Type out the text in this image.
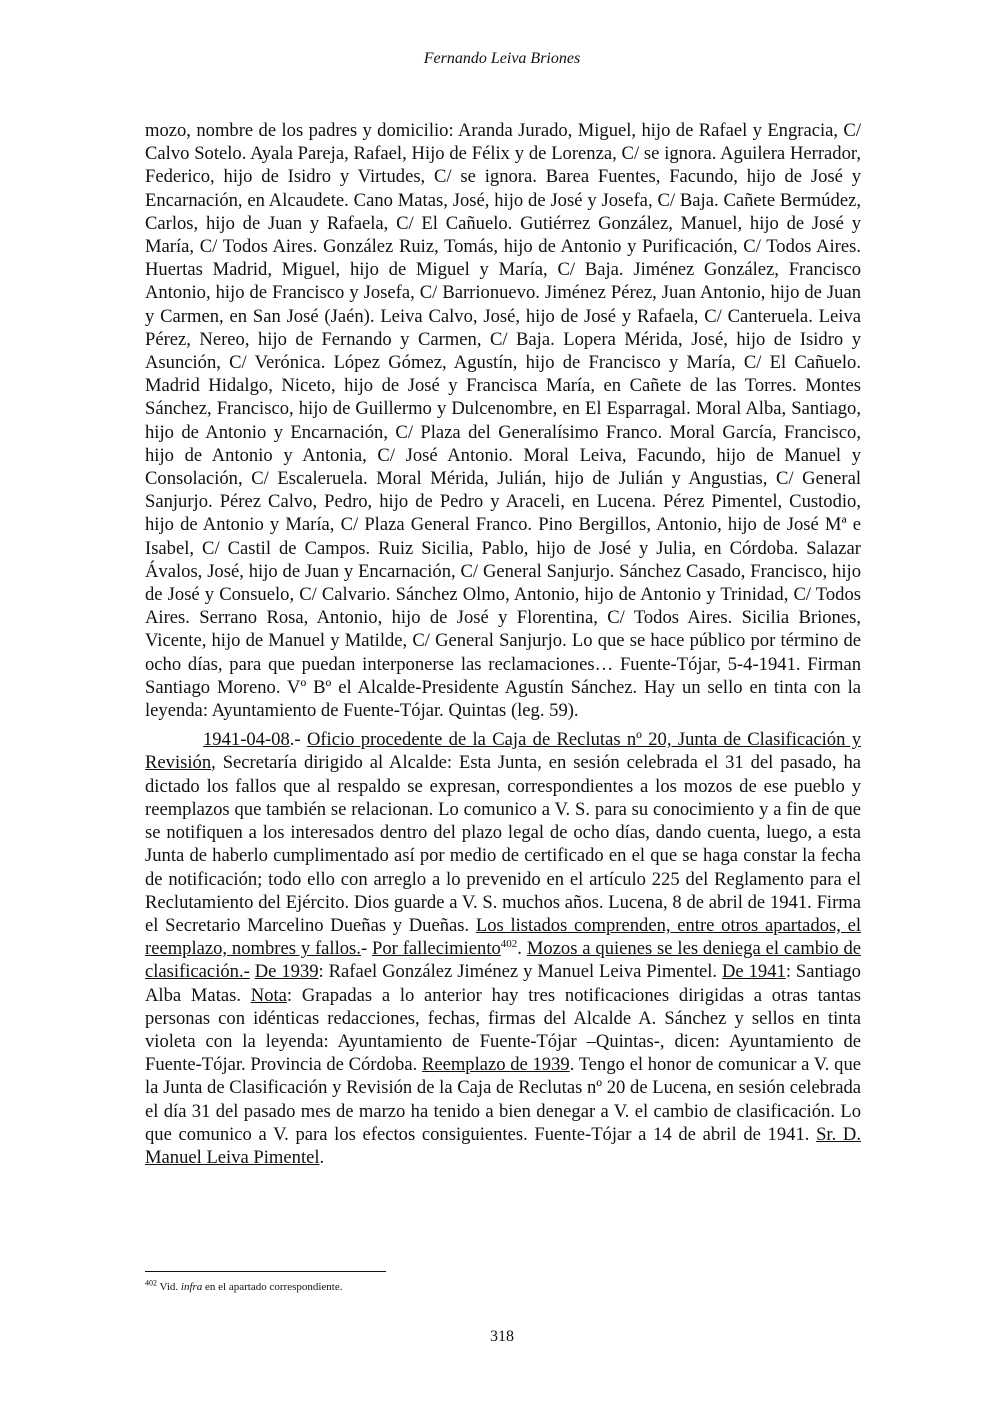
Fernando Leiva Briones

mozo, nombre de los padres y domicilio: Aranda Jurado, Miguel, hijo de Rafael y Engracia, C/ Calvo Sotelo. Ayala Pareja, Rafael, Hijo de Félix y de Lorenza, C/ se ignora. Aguilera Herrador, Federico, hijo de Isidro y Virtudes, C/ se ignora. Barea Fuentes, Facundo, hijo de José y Encarnación, en Alcaudete. Cano Matas, José, hijo de José y Josefa, C/ Baja. Cañete Bermúdez, Carlos, hijo de Juan y Rafaela, C/ El Cañuelo. Gutiérrez González, Manuel, hijo de José y María, C/ Todos Aires. González Ruiz, Tomás, hijo de Antonio y Purificación, C/ Todos Aires. Huertas Madrid, Miguel, hijo de Miguel y María, C/ Baja. Jiménez González, Francisco Antonio, hijo de Francisco y Josefa, C/ Barrionuevo. Jiménez Pérez, Juan Antonio, hijo de Juan y Carmen, en San José (Jaén). Leiva Calvo, José, hijo de José y Rafaela, C/ Canteruela. Leiva Pérez, Nereo, hijo de Fernando y Carmen, C/ Baja. Lopera Mérida, José, hijo de Isidro y Asunción, C/ Verónica. López Gómez, Agustín, hijo de Francisco y María, C/ El Cañuelo. Madrid Hidalgo, Niceto, hijo de José y Francisca María, en Cañete de las Torres. Montes Sánchez, Francisco, hijo de Guillermo y Dulcenombre, en El Esparragal. Moral Alba, Santiago, hijo de Antonio y Encarnación, C/ Plaza del Generalísimo Franco. Moral García, Francisco, hijo de Antonio y Antonia, C/ José Antonio. Moral Leiva, Facundo, hijo de Manuel y Consolación, C/ Escaleruela. Moral Mérida, Julián, hijo de Julián y Angustias, C/ General Sanjurjo. Pérez Calvo, Pedro, hijo de Pedro y Araceli, en Lucena. Pérez Pimentel, Custodio, hijo de Antonio y María, C/ Plaza General Franco. Pino Bergillos, Antonio, hijo de José Mª e Isabel, C/ Castil de Campos. Ruiz Sicilia, Pablo, hijo de José y Julia, en Córdoba. Salazar Ávalos, José, hijo de Juan y Encarnación, C/ General Sanjurjo. Sánchez Casado, Francisco, hijo de José y Consuelo, C/ Calvario. Sánchez Olmo, Antonio, hijo de Antonio y Trinidad, C/ Todos Aires. Serrano Rosa, Antonio, hijo de José y Florentina, C/ Todos Aires. Sicilia Briones, Vicente, hijo de Manuel y Matilde, C/ General Sanjurjo. Lo que se hace público por término de ocho días, para que puedan interponerse las reclamaciones… Fuente-Tójar, 5-4-1941. Firman Santiago Moreno. Vº Bº el Alcalde-Presidente Agustín Sánchez. Hay un sello en tinta con la leyenda: Ayuntamiento de Fuente-Tójar. Quintas (leg. 59).

1941-04-08.- Oficio procedente de la Caja de Reclutas nº 20, Junta de Clasificación y Revisión, Secretaría dirigido al Alcalde: Esta Junta, en sesión celebrada el 31 del pasado, ha dictado los fallos que al respaldo se expresan, correspondientes a los mozos de ese pueblo y reemplazos que también se relacionan. Lo comunico a V. S. para su conocimiento y a fin de que se notifiquen a los interesados dentro del plazo legal de ocho días, dando cuenta, luego, a esta Junta de haberlo cumplimentado así por medio de certificado en el que se haga constar la fecha de notificación; todo ello con arreglo a lo prevenido en el artículo 225 del Reglamento para el Reclutamiento del Ejército. Dios guarde a V. S. muchos años. Lucena, 8 de abril de 1941. Firma el Secretario Marcelino Dueñas y Dueñas. Los listados comprenden, entre otros apartados, el reemplazo, nombres y fallos.- Por fallecimiento$^{402}$. Mozos a quienes se les deniega el cambio de clasificación.- De 1939: Rafael González Jiménez y Manuel Leiva Pimentel. De 1941: Santiago Alba Matas. Nota: Grapadas a lo anterior hay tres notificaciones dirigidas a otras tantas personas con idénticas redacciones, fechas, firmas del Alcalde A. Sánchez y sellos en tinta violeta con la leyenda: Ayuntamiento de Fuente-Tójar –Quintas-, dicen: Ayuntamiento de Fuente-Tójar. Provincia de Córdoba. Reemplazo de 1939. Tengo el honor de comunicar a V. que la Junta de Clasificación y Revisión de la Caja de Reclutas nº 20 de Lucena, en sesión celebrada el día 31 del pasado mes de marzo ha tenido a bien denegar a V. el cambio de clasificación. Lo que comunico a V. para los efectos consiguientes. Fuente-Tójar a 14 de abril de 1941. Sr. D. Manuel Leiva Pimentel.

$^{402}$ Vid. infra en el apartado correspondiente.
318
